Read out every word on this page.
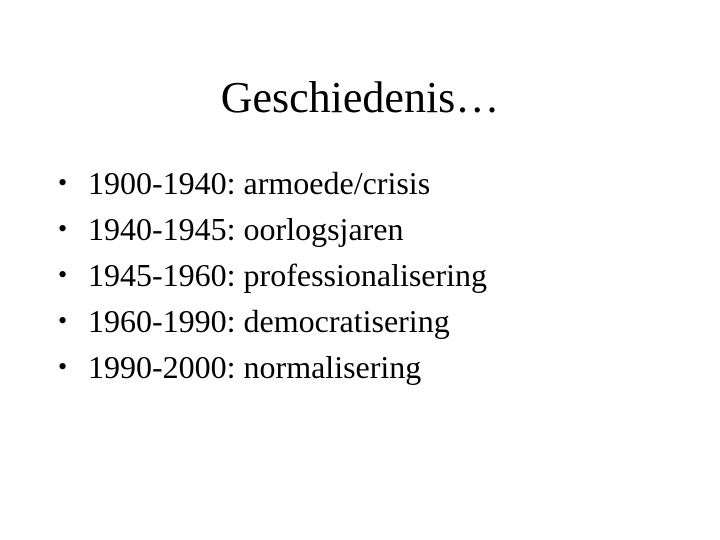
Geschiedenis…
• 1900-1940: armoede/crisis
• 1940-1945: oorlogsjaren
• 1945-1960: professionalisering
• 1960-1990: democratisering
• 1990-2000: normalisering
